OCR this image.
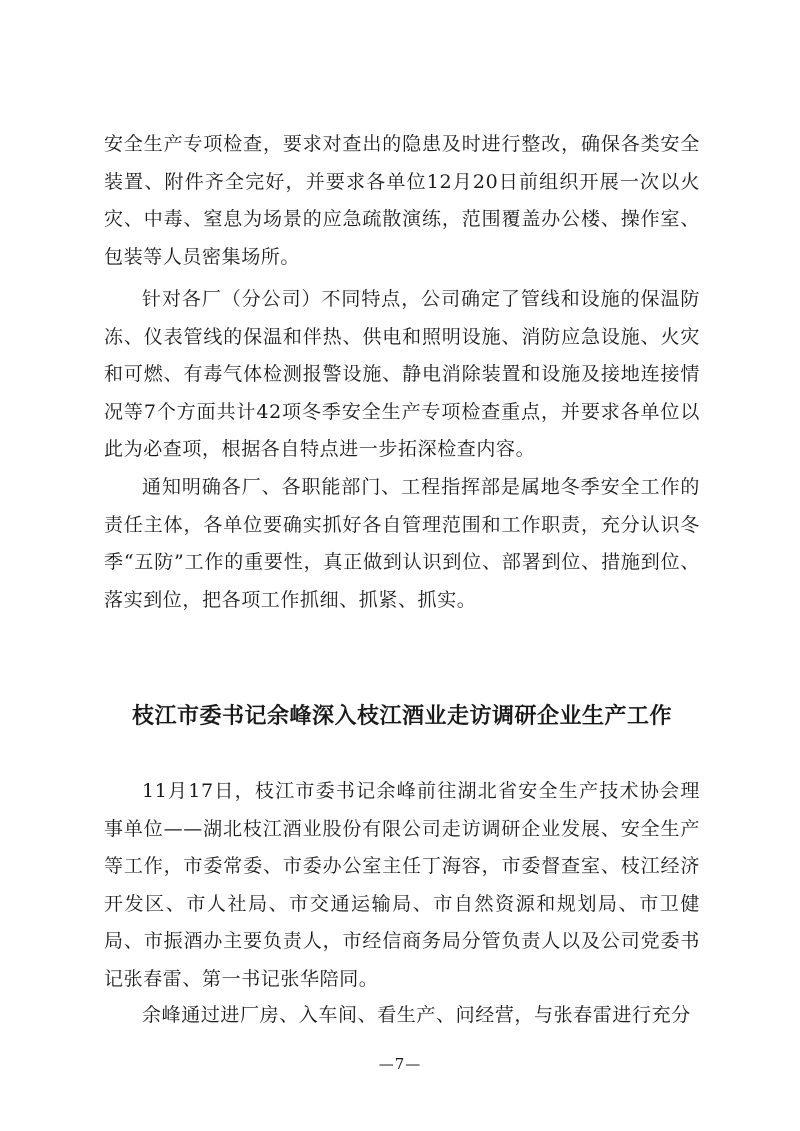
安全生产专项检查，要求对查出的隐患及时进行整改，确保各类安全装置、附件齐全完好，并要求各单位12月20日前组织开展一次以火灾、中毒、窒息为场景的应急疏散演练，范围覆盖办公楼、操作室、包装等人员密集场所。

针对各厂（分公司）不同特点，公司确定了管线和设施的保温防冻、仪表管线的保温和伴热、供电和照明设施、消防应急设施、火灾和可燃、有毒气体检测报警设施、静电消除装置和设施及接地连接情况等7个方面共计42项冬季安全生产专项检查重点，并要求各单位以此为必查项，根据各自特点进一步拓深检查内容。

通知明确各厂、各职能部门、工程指挥部是属地冬季安全工作的责任主体，各单位要确实抓好各自管理范围和工作职责，充分认识冬季“五防”工作的重要性，真正做到认识到位、部署到位、措施到位、落实到位，把各项工作抓细、抓紧、抓实。

枝江市委书记余峰深入枝江酒业走访调研企业生产工作

11月17日，枝江市委书记余峰前往湖北省安全生产技术协会理事单位——湖北枝江酒业股份有限公司走访调研企业发展、安全生产等工作，市委常委、市委办公室主任丁海容，市委督查室、枝江经济开发区、市人社局、市交通运输局、市自然资源和规划局、市卫健局、市振酒办主要负责人，市经信商务局分管负责人以及公司党委书记张春雷、第一书记张华陪同。

余峰通过进厂房、入车间、看生产、问经营，与张春雷进行充分

—7—
